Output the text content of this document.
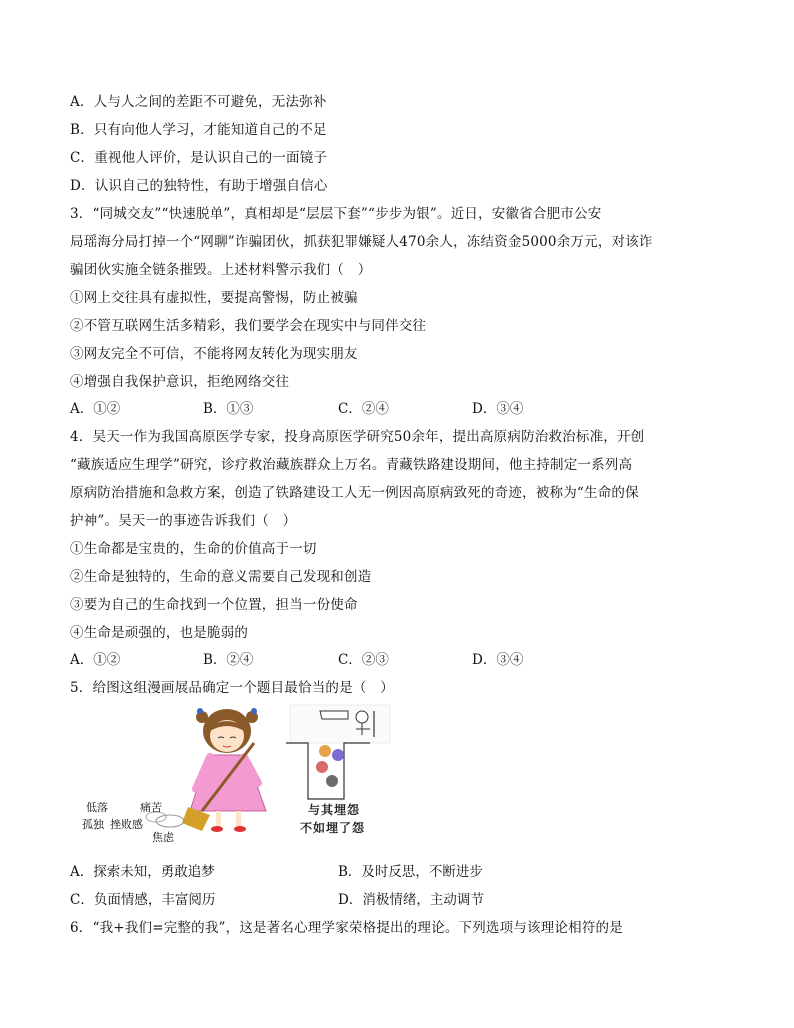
A．人与人之间的差距不可避免，无法弥补
B．只有向他人学习，才能知道自己的不足
C．重视他人评价，是认识自己的一面镜子
D．认识自己的独特性，有助于增强自信心
3．“同城交友”“快速脱单”，真相却是“层层下套”“步步为银”。近日，安徽省合肥市公安
局瑶海分局打掉一个“网聊”诈骗团伙，抓获犯罪嫌疑人470余人，冻结资金5000余万元，对该诈
骗团伙实施全链条摧毁。上述材料警示我们（　）
①网上交往具有虚拟性，要提高警惕，防止被骗
②不管互联网生活多精彩，我们要学会在现实中与同伴交往
③网友完全不可信，不能将网友转化为现实朋友
④增强自我保护意识，拒绝网络交往
A．①②	B．①③	C．②④	D．③④
4．吴天一作为我国高原医学专家，投身高原医学研究50余年，提出高原病防治救治标准，开创
“藏族适应生理学”研究，诊疗救治藏族群众上万名。青藏铁路建设期间，他主持制定一系列高
原病防治措施和急救方案，创造了铁路建设工人无一例因高原病致死的奇迹，被称为“生命的保
护神”。吴天一的事迹告诉我们（　）
①生命都是宝贵的，生命的价值高于一切
②生命是独特的，生命的意义需要自己发现和创造
③要为自己的生命找到一个位置，担当一份使命
④生命是顽强的，也是脆弱的
A．①②	B．②④	C．②③	D．③④
5．给图这组漫画展品确定一个题目最恰当的是（　）
低落	痛苦
孤独 挫败感
焦虑
与其埋怨
不如埋了怨
A．探索未知，勇敢追梦	B．及时反思，不断进步
C．负面情感，丰富阅历	D．消极情绪，主动调节
6．“我+我们=完整的我”，这是著名心理学家荣格提出的理论。下列选项与该理论相符的是
